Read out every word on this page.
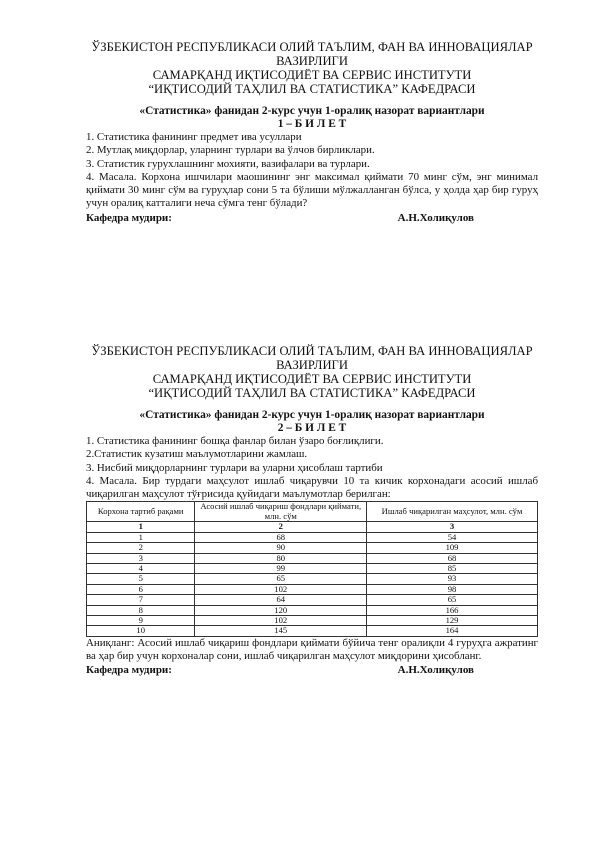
ЎЗБЕКИСТОН РЕСПУБЛИКАСИ ОЛИЙ ТАЪЛИМ, ФАН ВА ИННОВАЦИЯЛАР
ВАЗИРЛИГИ
САМАРҚАНД ИҚТИСОДИЁТ ВА СЕРВИС ИНСТИТУТИ
“ИҚТИСОДИЙ ТАҲЛИЛ ВА СТАТИСТИКА” КАФЕДРАСИ
«Статистика» фанидан 2-курс учун 1-оралиқ назорат вариантлари
1 – Б И Л Е Т
1. Статистика фанининг предмет ива усуллари
2. Мутлақ миқдорлар, уларнинг турлари ва ўлчов бирликлари.
3. Статистик гурухлашнинг мохияти, вазифалари ва турлари.
4. Масала. Корхона ишчилари маошининг энг максимал қиймати 70 минг сўм, энг минимал қиймати 30 минг сўм ва гуруҳлар сони 5 та бўлиши мўлжалланган бўлса, у ҳолда ҳар бир гуруҳ учун оралиқ катталиги неча сўмга тенг бўлади?
Кафедра мудири:	А.Н.Холиқулов
ЎЗБЕКИСТОН РЕСПУБЛИКАСИ ОЛИЙ ТАЪЛИМ, ФАН ВА ИННОВАЦИЯЛАР
ВАЗИРЛИГИ
САМАРҚАНД ИҚТИСОДИЁТ ВА СЕРВИС ИНСТИТУТИ
“ИҚТИСОДИЙ ТАҲЛИЛ ВА СТАТИСТИКА” КАФЕДРАСИ
«Статистика» фанидан 2-курс учун 1-оралиқ назорат вариантлари
2 – Б И Л Е Т
1. Статистика фанининг бошқа фанлар билан ўзаро боғлиқлиги.
2.Статистик кузатиш маълумотларини жамлаш.
3. Нисбий миқдорларнинг турлари ва уларни ҳисоблаш тартиби
4. Масала. Бир турдаги маҳсулот ишлаб чиқарувчи 10 та кичик корхонадаги асосий ишлаб чиқарилган маҳсулот тўғрисида қуйидаги маълумотлар берилган:
Корхона тартиб рақами	Асосий ишлаб чиқариш фондлари қиймати, млн. сўм	Ишлаб чиқарилган маҳсулот, млн. сўм
1	2	3
1	68	54
2	90	109
3	80	68
4	99	85
5	65	93
6	102	98
7	64	65
8	120	166
9	102	129
10	145	164
Аниқланг: Асосий ишлаб чиқариш фондлари қиймати бўйича тенг оралиқли 4 гуруҳга ажратинг ва ҳар бир учун корхоналар сони, ишлаб чиқарилган маҳсулот миқдорини ҳисобланг.
Кафедра мудири:	А.Н.Холиқулов
